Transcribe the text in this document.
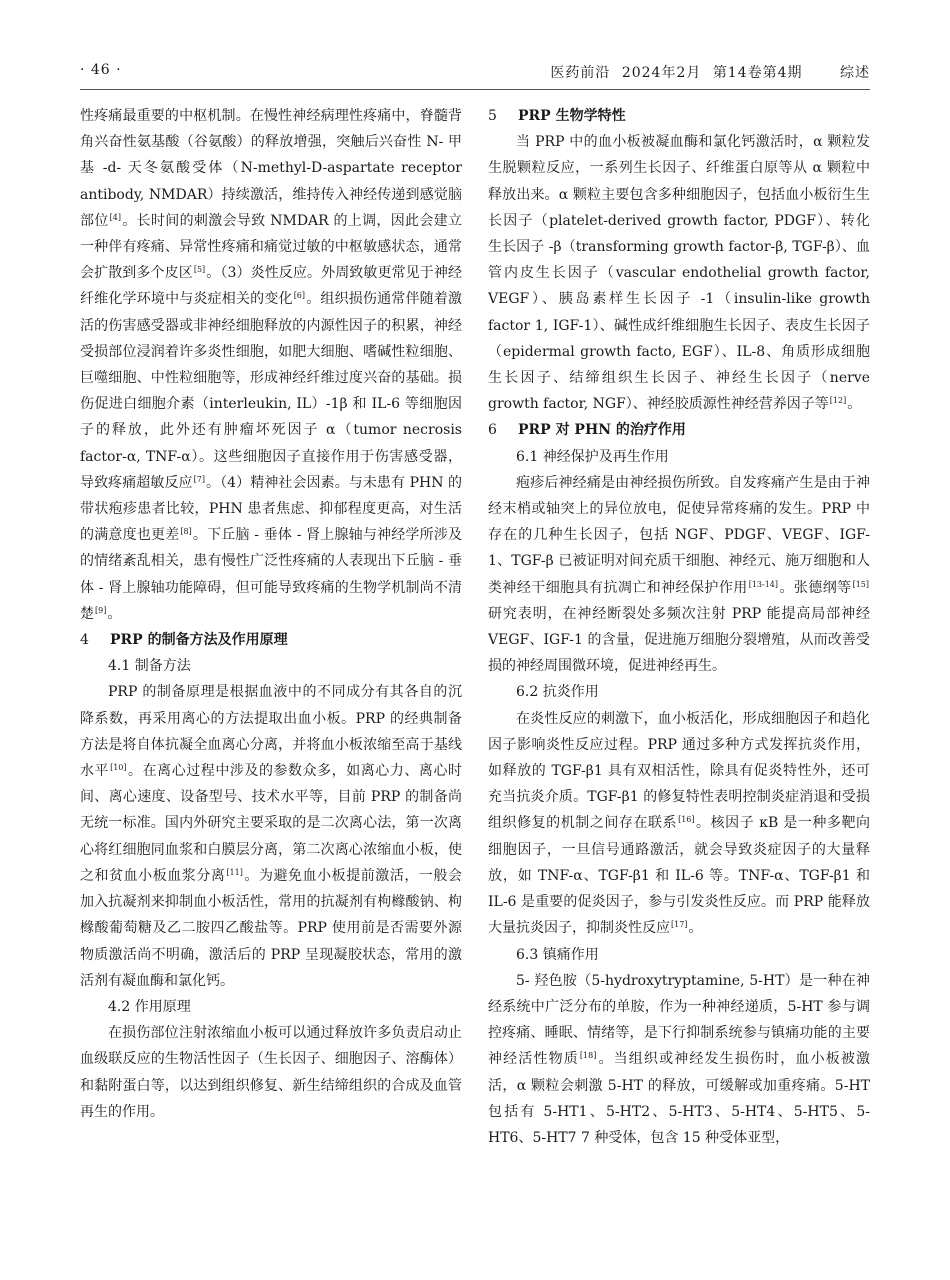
· 46 ·	医药前沿 2024年2月 第14卷第4期	综述

性疼痛最重要的中枢机制。在慢性神经病理性疼痛中，脊髓背角兴奋性氨基酸（谷氨酸）的释放增强，突触后兴奋性 N- 甲基 -d- 天冬氨酸受体（N-methyl-D-aspartate receptor antibody, NMDAR）持续激活，维持传入神经传递到感觉脑部位[4]。长时间的刺激会导致 NMDAR 的上调，因此会建立一种伴有疼痛、异常性疼痛和痛觉过敏的中枢敏感状态，通常会扩散到多个皮区[5]。（3）炎性反应。外周致敏更常见于神经纤维化学环境中与炎症相关的变化[6]。组织损伤通常伴随着激活的伤害感受器或非神经细胞释放的内源性因子的积累，神经受损部位浸润着许多炎性细胞，如肥大细胞、嗜碱性粒细胞、巨噬细胞、中性粒细胞等，形成神经纤维过度兴奋的基础。损伤促进白细胞介素（interleukin, IL）-1β 和 IL-6 等细胞因子的释放，此外还有肿瘤坏死因子 α（tumor necrosis factor-α, TNF-α）。这些细胞因子直接作用于伤害感受器，导致疼痛超敏反应[7]。（4）精神社会因素。与未患有 PHN 的带状疱疹患者比较，PHN 患者焦虑、抑郁程度更高，对生活的满意度也更差[8]。下丘脑 - 垂体 - 肾上腺轴与神经学所涉及的情绪紊乱相关，患有慢性广泛性疼痛的人表现出下丘脑 - 垂体 - 肾上腺轴功能障碍，但可能导致疼痛的生物学机制尚不清楚[9]。

4 PRP 的制备方法及作用原理

4.1 制备方法

PRP 的制备原理是根据血液中的不同成分有其各自的沉降系数，再采用离心的方法提取出血小板。PRP 的经典制备方法是将自体抗凝全血离心分离，并将血小板浓缩至高于基线水平[10]。在离心过程中涉及的参数众多，如离心力、离心时间、离心速度、设备型号、技术水平等，目前 PRP 的制备尚无统一标准。国内外研究主要采取的是二次离心法，第一次离心将红细胞同血浆和白膜层分离，第二次离心浓缩血小板，使之和贫血小板血浆分离[11]。为避免血小板提前激活，一般会加入抗凝剂来抑制血小板活性，常用的抗凝剂有枸橼酸钠、枸橼酸葡萄糖及乙二胺四乙酸盐等。PRP 使用前是否需要外源物质激活尚不明确，激活后的 PRP 呈现凝胶状态，常用的激活剂有凝血酶和氯化钙。

4.2 作用原理

在损伤部位注射浓缩血小板可以通过释放许多负责启动止血级联反应的生物活性因子（生长因子、细胞因子、溶酶体）和黏附蛋白等，以达到组织修复、新生结缔组织的合成及血管再生的作用。

5 PRP 生物学特性

当 PRP 中的血小板被凝血酶和氯化钙激活时，α 颗粒发生脱颗粒反应，一系列生长因子、纤维蛋白原等从 α 颗粒中释放出来。α 颗粒主要包含多种细胞因子，包括血小板衍生生长因子（platelet-derived growth factor, PDGF）、转化生长因子 -β（transforming growth factor-β, TGF-β）、血管内皮生长因子（vascular endothelial growth factor, VEGF）、胰岛素样生长因子 -1（insulin-like growth factor 1, IGF-1）、碱性成纤维细胞生长因子、表皮生长因子（epidermal growth facto, EGF）、IL-8、角质形成细胞生长因子、结缔组织生长因子、神经生长因子（nerve growth factor, NGF）、神经胶质源性神经营养因子等[12]。

6 PRP 对 PHN 的治疗作用

6.1 神经保护及再生作用

疱疹后神经痛是由神经损伤所致。自发疼痛产生是由于神经末梢或轴突上的异位放电，促使异常疼痛的发生。PRP 中存在的几种生长因子，包括 NGF、PDGF、VEGF、IGF-1、TGF-β 已被证明对间充质干细胞、神经元、施万细胞和人类神经干细胞具有抗凋亡和神经保护作用[13-14]。张德纲等[15]研究表明，在神经断裂处多频次注射 PRP 能提高局部神经 VEGF、IGF-1 的含量，促进施万细胞分裂增殖，从而改善受损的神经周围微环境，促进神经再生。

6.2 抗炎作用

在炎性反应的刺激下，血小板活化，形成细胞因子和趋化因子影响炎性反应过程。PRP 通过多种方式发挥抗炎作用，如释放的 TGF-β1 具有双相活性，除具有促炎特性外，还可充当抗炎介质。TGF-β1 的修复特性表明控制炎症消退和受损组织修复的机制之间存在联系[16]。核因子 κB 是一种多靶向细胞因子，一旦信号通路激活，就会导致炎症因子的大量释放，如 TNF-α、TGF-β1 和 IL-6 等。TNF-α、TGF-β1 和 IL-6 是重要的促炎因子，参与引发炎性反应。而 PRP 能释放大量抗炎因子，抑制炎性反应[17]。

6.3 镇痛作用

5- 羟色胺（5-hydroxytryptamine, 5-HT）是一种在神经系统中广泛分布的单胺，作为一种神经递质，5-HT 参与调控疼痛、睡眠、情绪等，是下行抑制系统参与镇痛功能的主要神经活性物质[18]。当组织或神经发生损伤时，血小板被激活，α 颗粒会刺激 5-HT 的释放，可缓解或加重疼痛。5-HT 包括有 5-HT1、5-HT2、5-HT3、5-HT4、5-HT5、5-HT6、5-HT7 7 种受体，包含 15 种受体亚型，
